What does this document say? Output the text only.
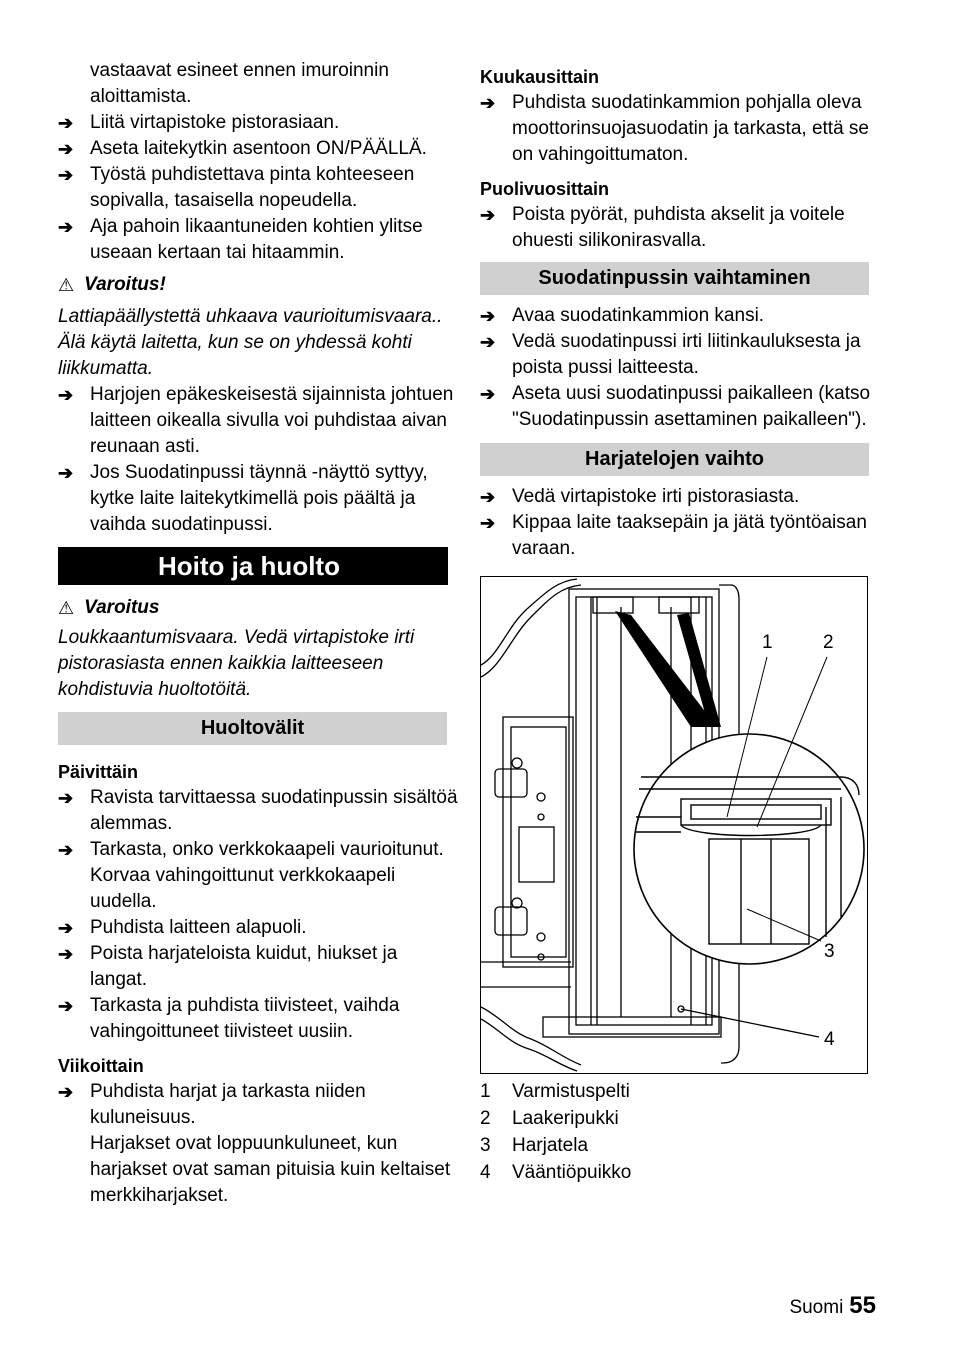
vastaavat esineet ennen imuroinnin aloittamista.

➔ Liitä virtapistoke pistorasiaan.

➔ Aseta laitekytkin asentoon ON/PÄÄLLÄ.

➔ Työstä puhdistettava pinta kohteeseen sopivalla, tasaisella nopeudella.

➔ Aja pahoin likaantuneiden kohtien ylitse useaan kertaan tai hitaammin.

⚠ Varoitus!

Lattiapäällystettä uhkaava vaurioitumisvaara.. Älä käytä laitetta, kun se on yhdessä kohti liikkumatta.

➔ Harjojen epäkeskeisestä sijainnista johtuen laitteen oikealla sivulla voi puhdistaa aivan reunaan asti.

➔ Jos Suodatinpussi täynnä -näyttö syttyy, kytke laite laitekytkimellä pois päältä ja vaihda suodatinpussi.

Hoito ja huolto

⚠ Varoitus

Loukkaantumisvaara. Vedä virtapistoke irti pistorasiasta ennen kaikkia laitteeseen kohdistuvia huoltotöitä.

Huoltovälit

Päivittäin

➔ Ravista tarvittaessa suodatinpussin sisältöä alemmas.

➔ Tarkasta, onko verkkokaapeli vaurioitunut. Korvaa vahingoittunut verkkokaapeli uudella.

➔ Puhdista laitteen alapuoli.

➔ Poista harjateloista kuidut, hiukset ja langat.

➔ Tarkasta ja puhdista tiivisteet, vaihda vahingoittuneet tiivisteet uusiin.

Viikoittain

➔ Puhdista harjat ja tarkasta niiden kuluneisuus.

Harjakset ovat loppuunkuluneet, kun harjakset ovat saman pituisia kuin keltaiset merkkiharjakset.

Kuukausittain

➔ Puhdista suodatinkammion pohjalla oleva moottorinsuojasuodatin ja tarkasta, että se on vahingoittumaton.

Puolivuosittain

➔ Poista pyörät, puhdista akselit ja voitele ohuesti silikonirasvalla.

Suodatinpussin vaihtaminen

➔ Avaa suodatinkammion kansi.

➔ Vedä suodatinpussi irti liitinkauluksesta ja poista pussi laitteesta.

➔ Aseta uusi suodatinpussi paikalleen (katso "Suodatinpussin asettaminen paikalleen").

Harjatelojen vaihto

➔ Vedä virtapistoke irti pistorasiasta.

➔ Kippaa laite taaksepäin ja jätä työntöaisan varaan.

1	2
3
4

1	Varmistuspelti

2	Laakeripukki

3	Harjatela

4	Vääntiöpuikko

Suomi 55
